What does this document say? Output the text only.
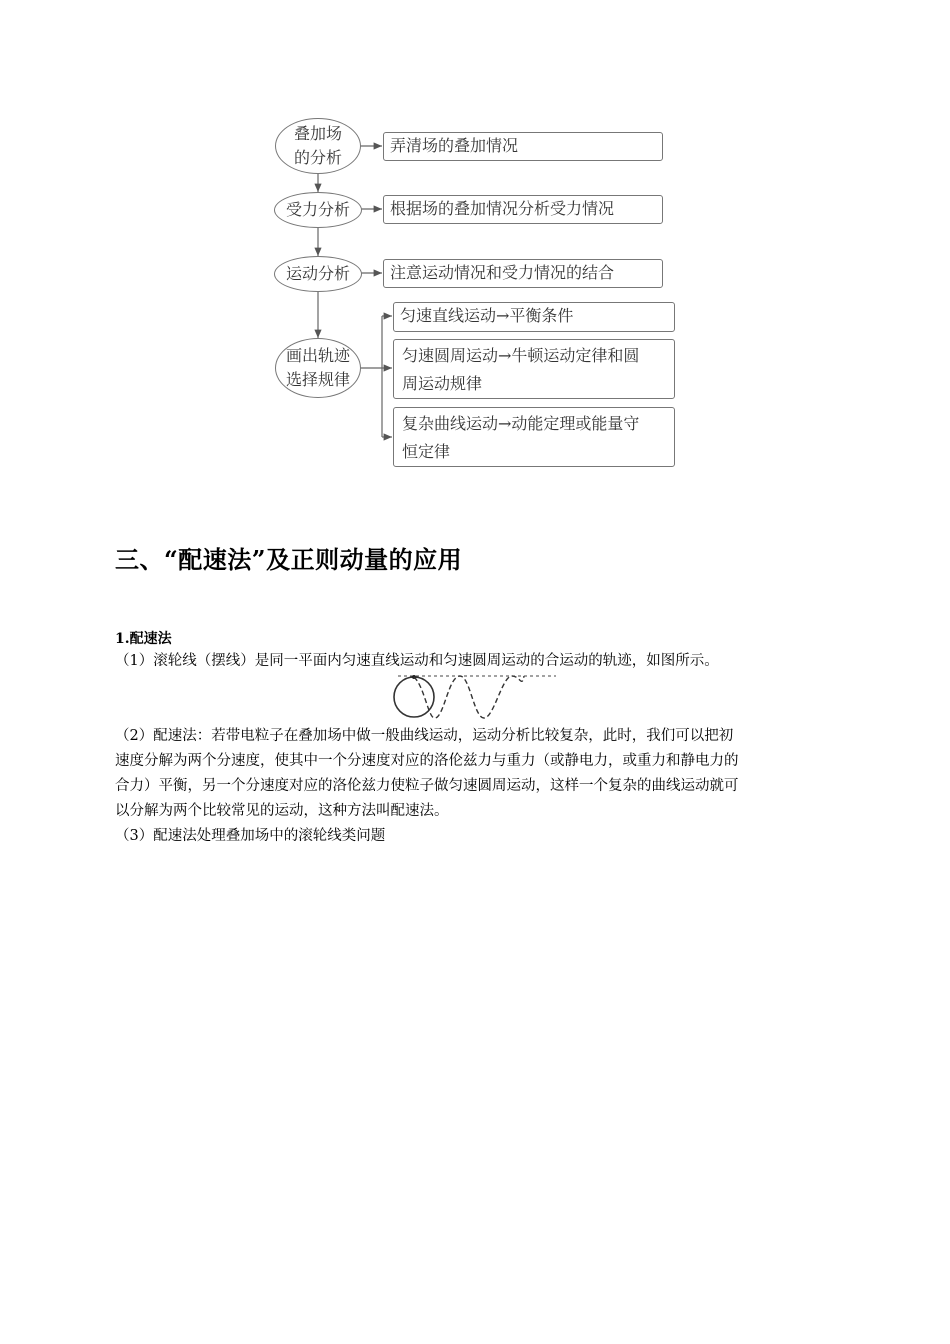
叠加场
的分析
受力分析
运动分析
画出轨迹
选择规律
弄清场的叠加情况
根据场的叠加情况分析受力情况
注意运动情况和受力情况的结合
匀速直线运动→平衡条件
匀速圆周运动→牛顿运动定律和圆
周运动规律
复杂曲线运动→动能定理或能量守
恒定律
三、“配速法”及正则动量的应用
1.配速法
（1）滚轮线（摆线）是同一平面内匀速直线运动和匀速圆周运动的合运动的轨迹，如图所示。
（2）配速法：若带电粒子在叠加场中做一般曲线运动，运动分析比较复杂，此时，我们可以把初
速度分解为两个分速度，使其中一个分速度对应的洛伦兹力与重力（或静电力，或重力和静电力的
合力）平衡，另一个分速度对应的洛伦兹力使粒子做匀速圆周运动，这样一个复杂的曲线运动就可
以分解为两个比较常见的运动，这种方法叫配速法。
（3）配速法处理叠加场中的滚轮线类问题
